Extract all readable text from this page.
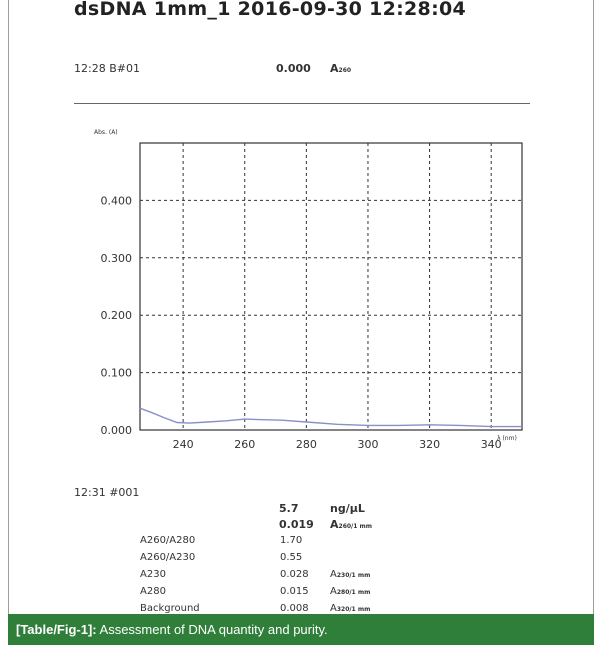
dsDNA 1mm_1 2016-09-30 12:28:04
12:28 B#01	0.000 A260
240	260	280	300	320	340
0.000
0.100
0.200
0.300
0.400
Abs. (A)
λ (nm)
12:31 #001
5.7	ng/µL
0.019 A260/1 mm
A260/A280	1.70
A260/A230	0.55
A230	0.028 A230/1 mm
A280	0.015 A280/1 mm
Background	0.008 A320/1 mm
[Table/Fig-1]: Assessment of DNA quantity and purity.
